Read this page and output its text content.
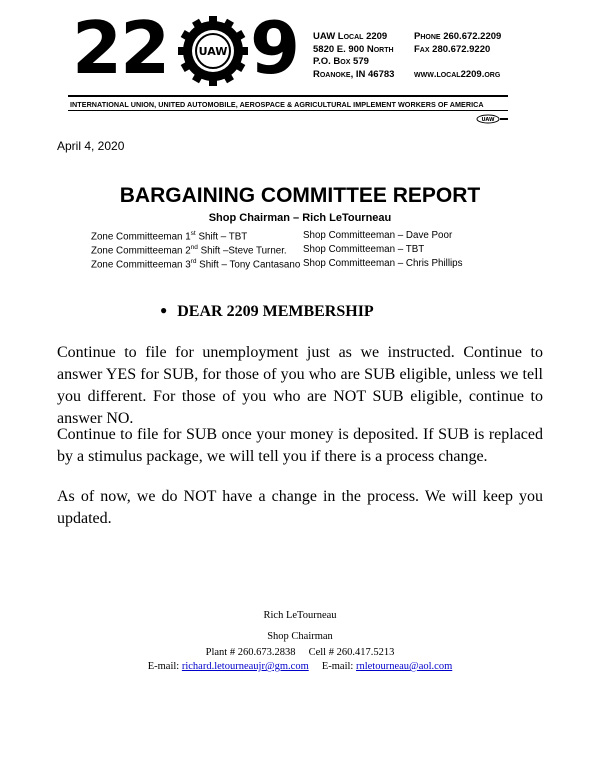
22	UAW 9 UAW Local 2209
5820 E. 900 North
P.O. Box 579
Roanoke, IN 46783
Phone 260.672.2209
Fax 280.672.9220
www.local2209.org
INTERNATIONAL UNION, UNITED AUTOMOBILE, AEROSPACE & AGRICULTURAL IMPLEMENT WORKERS OF AMERICA
UAW
April 4, 2020
BARGAINING COMMITTEE REPORT
Shop Chairman – Rich LeTourneau
Zone Committeeman 1st Shift – TBT
Zone Committeeman 2nd Shift –Steve Turner.
Zone Committeeman 3rd Shift – Tony Cantasano
Shop Committeeman – Dave Poor
Shop Committeeman – TBT
Shop Committeeman – Chris Phillips
● DEAR 2209 MEMBERSHIP
Continue to file for unemployment just as we instructed. Continue to answer YES for SUB, for those of you who are SUB eligible, unless we tell you different. For those of you who are NOT SUB eligible, continue to answer NO.
Continue to file for SUB once your money is deposited. If SUB is replaced by a stimulus package, we will tell you if there is a process change.
As of now, we do NOT have a change in the process. We will keep you updated.
Rich LeTourneau
Shop Chairman
Plant # 260.673.2838     Cell # 260.417.5213
E-mail: richard.letourneaujr@gm.com     E-mail: rnletourneau@aol.com
